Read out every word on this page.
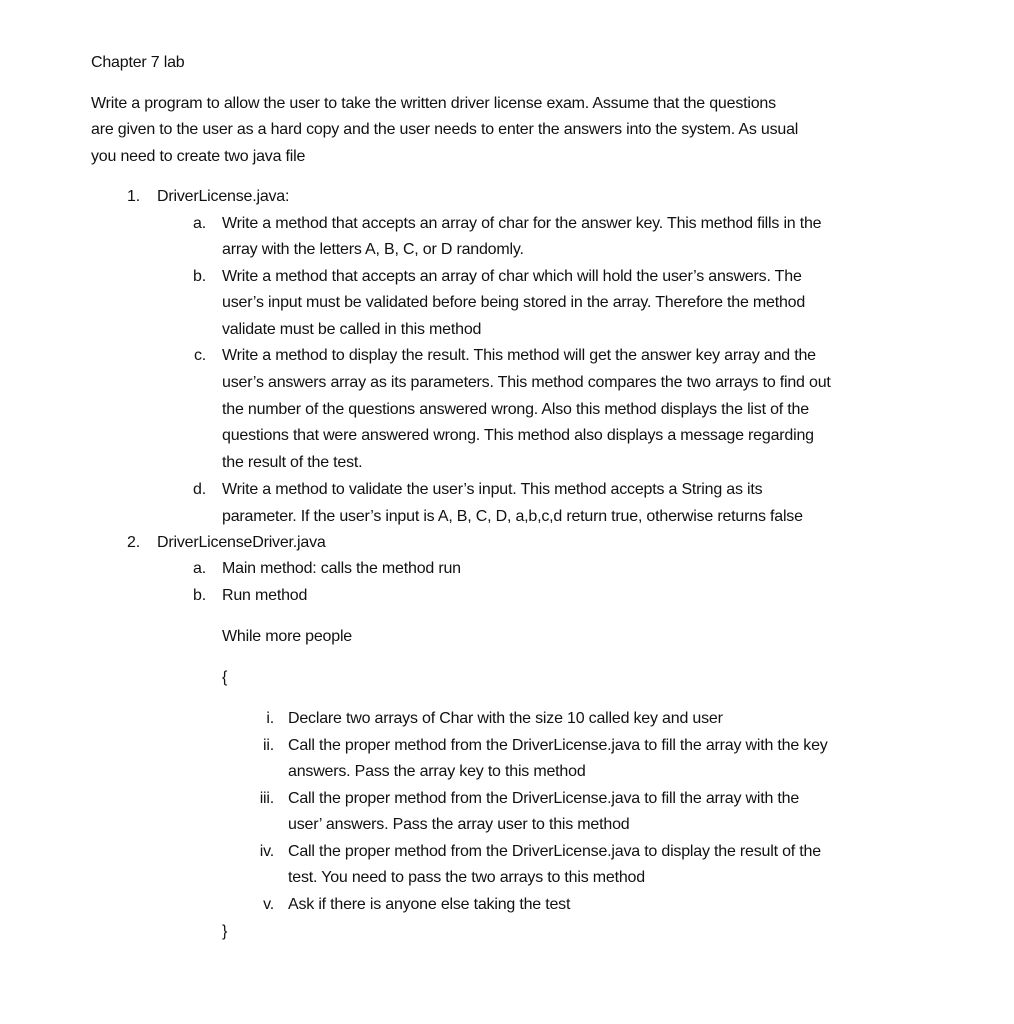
Chapter 7 lab
Write a program to allow the user to take the written driver license exam. Assume that the questions
are given to the user as a hard copy and the user needs to enter the answers into the system. As usual
you need to create two java file
1. DriverLicense.java:
a. Write a method that accepts an array of char for the answer key. This method fills in the
array with the letters A, B, C, or D randomly.
b. Write a method that accepts an array of char which will hold the user’s answers. The
user’s input must be validated before being stored in the array. Therefore the method
validate must be called in this method
c. Write a method to display the result. This method will get the answer key array and the
user’s answers array as its parameters. This method compares the two arrays to find out
the number of the questions answered wrong. Also this method displays the list of the
questions that were answered wrong. This method also displays a message regarding
the result of the test.
d. Write a method to validate the user’s input. This method accepts a String as its
parameter. If the user’s input is A, B, C, D, a,b,c,d return true, otherwise returns false
2. DriverLicenseDriver.java
a. Main method: calls the method run
b. Run method
While more people
{
i. Declare two arrays of Char with the size 10 called key and user
ii. Call the proper method from the DriverLicense.java to fill the array with the key
answers. Pass the array key to this method
iii. Call the proper method from the DriverLicense.java to fill the array with the
user’ answers. Pass the array user to this method
iv. Call the proper method from the DriverLicense.java to display the result of the
test. You need to pass the two arrays to this method
v. Ask if there is anyone else taking the test
}
